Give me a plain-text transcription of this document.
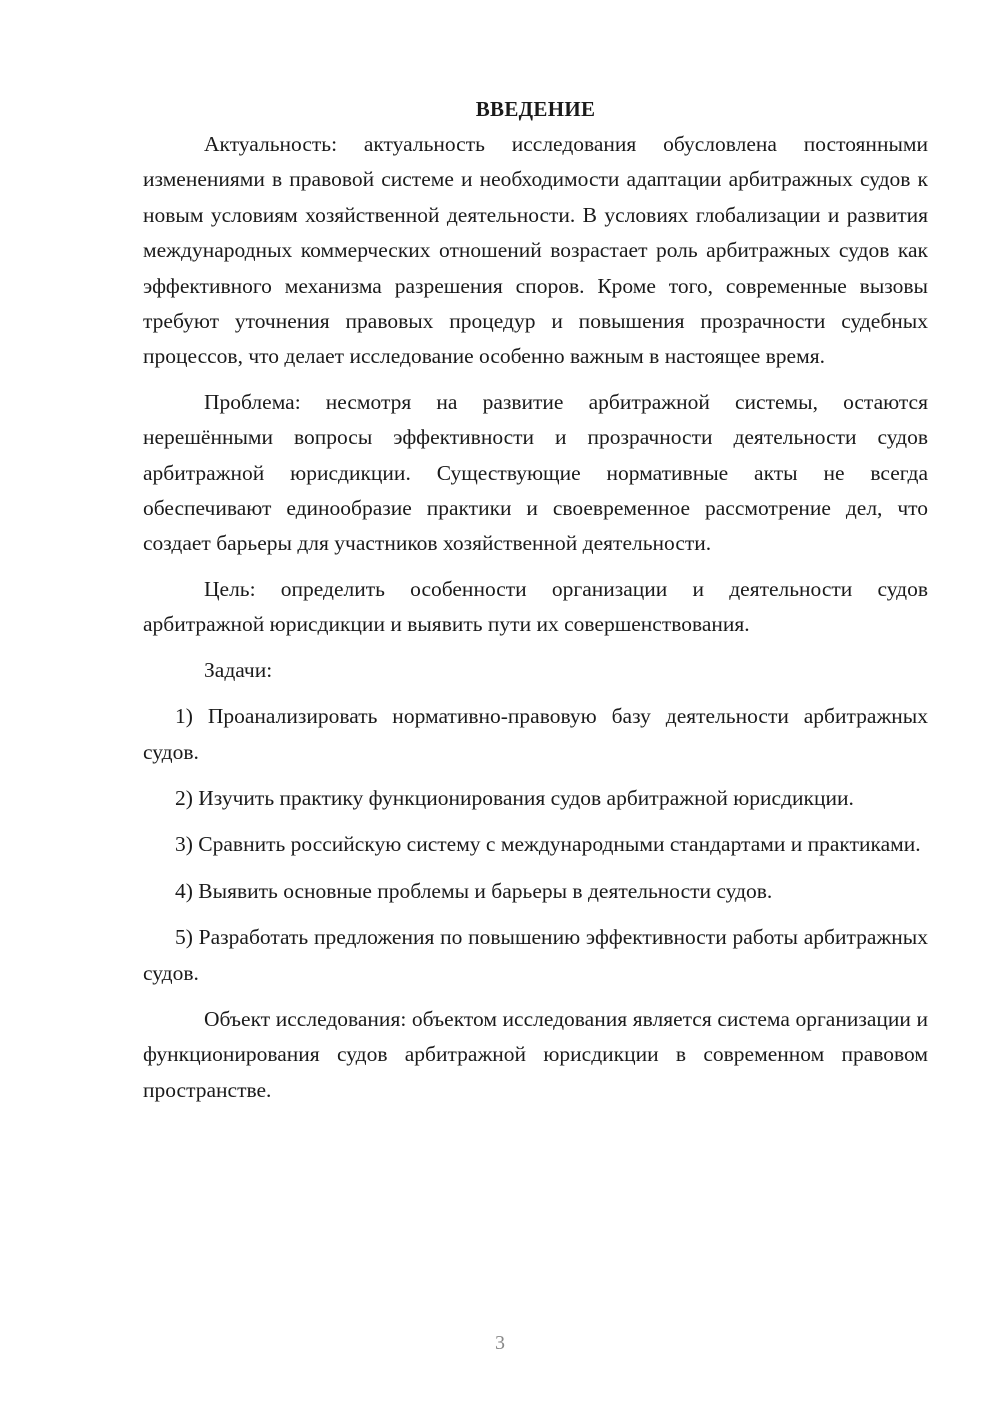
ВВЕДЕНИЕ

Актуальность: актуальность исследования обусловлена постоянными изменениями в правовой системе и необходимости адаптации арбитражных судов к новым условиям хозяйственной деятельности. В условиях глобализации и развития международных коммерческих отношений возрастает роль арбитражных судов как эффективного механизма разрешения споров. Кроме того, современные вызовы требуют уточнения правовых процедур и повышения прозрачности судебных процессов, что делает исследование особенно важным в настоящее время.

Проблема: несмотря на развитие арбитражной системы, остаются нерешёнными вопросы эффективности и прозрачности деятельности судов арбитражной юрисдикции. Существующие нормативные акты не всегда обеспечивают единообразие практики и своевременное рассмотрение дел, что создает барьеры для участников хозяйственной деятельности.

Цель: определить особенности организации и деятельности судов арбитражной юрисдикции и выявить пути их совершенствования.

Задачи:

1) Проанализировать нормативно-правовую базу деятельности арбитражных судов.

2) Изучить практику функционирования судов арбитражной юрисдикции.

3) Сравнить российскую систему с международными стандартами и практиками.

4) Выявить основные проблемы и барьеры в деятельности судов.

5) Разработать предложения по повышению эффективности работы арбитражных судов.

Объект исследования: объектом исследования является система организации и функционирования судов арбитражной юрисдикции в современном правовом пространстве.

3
